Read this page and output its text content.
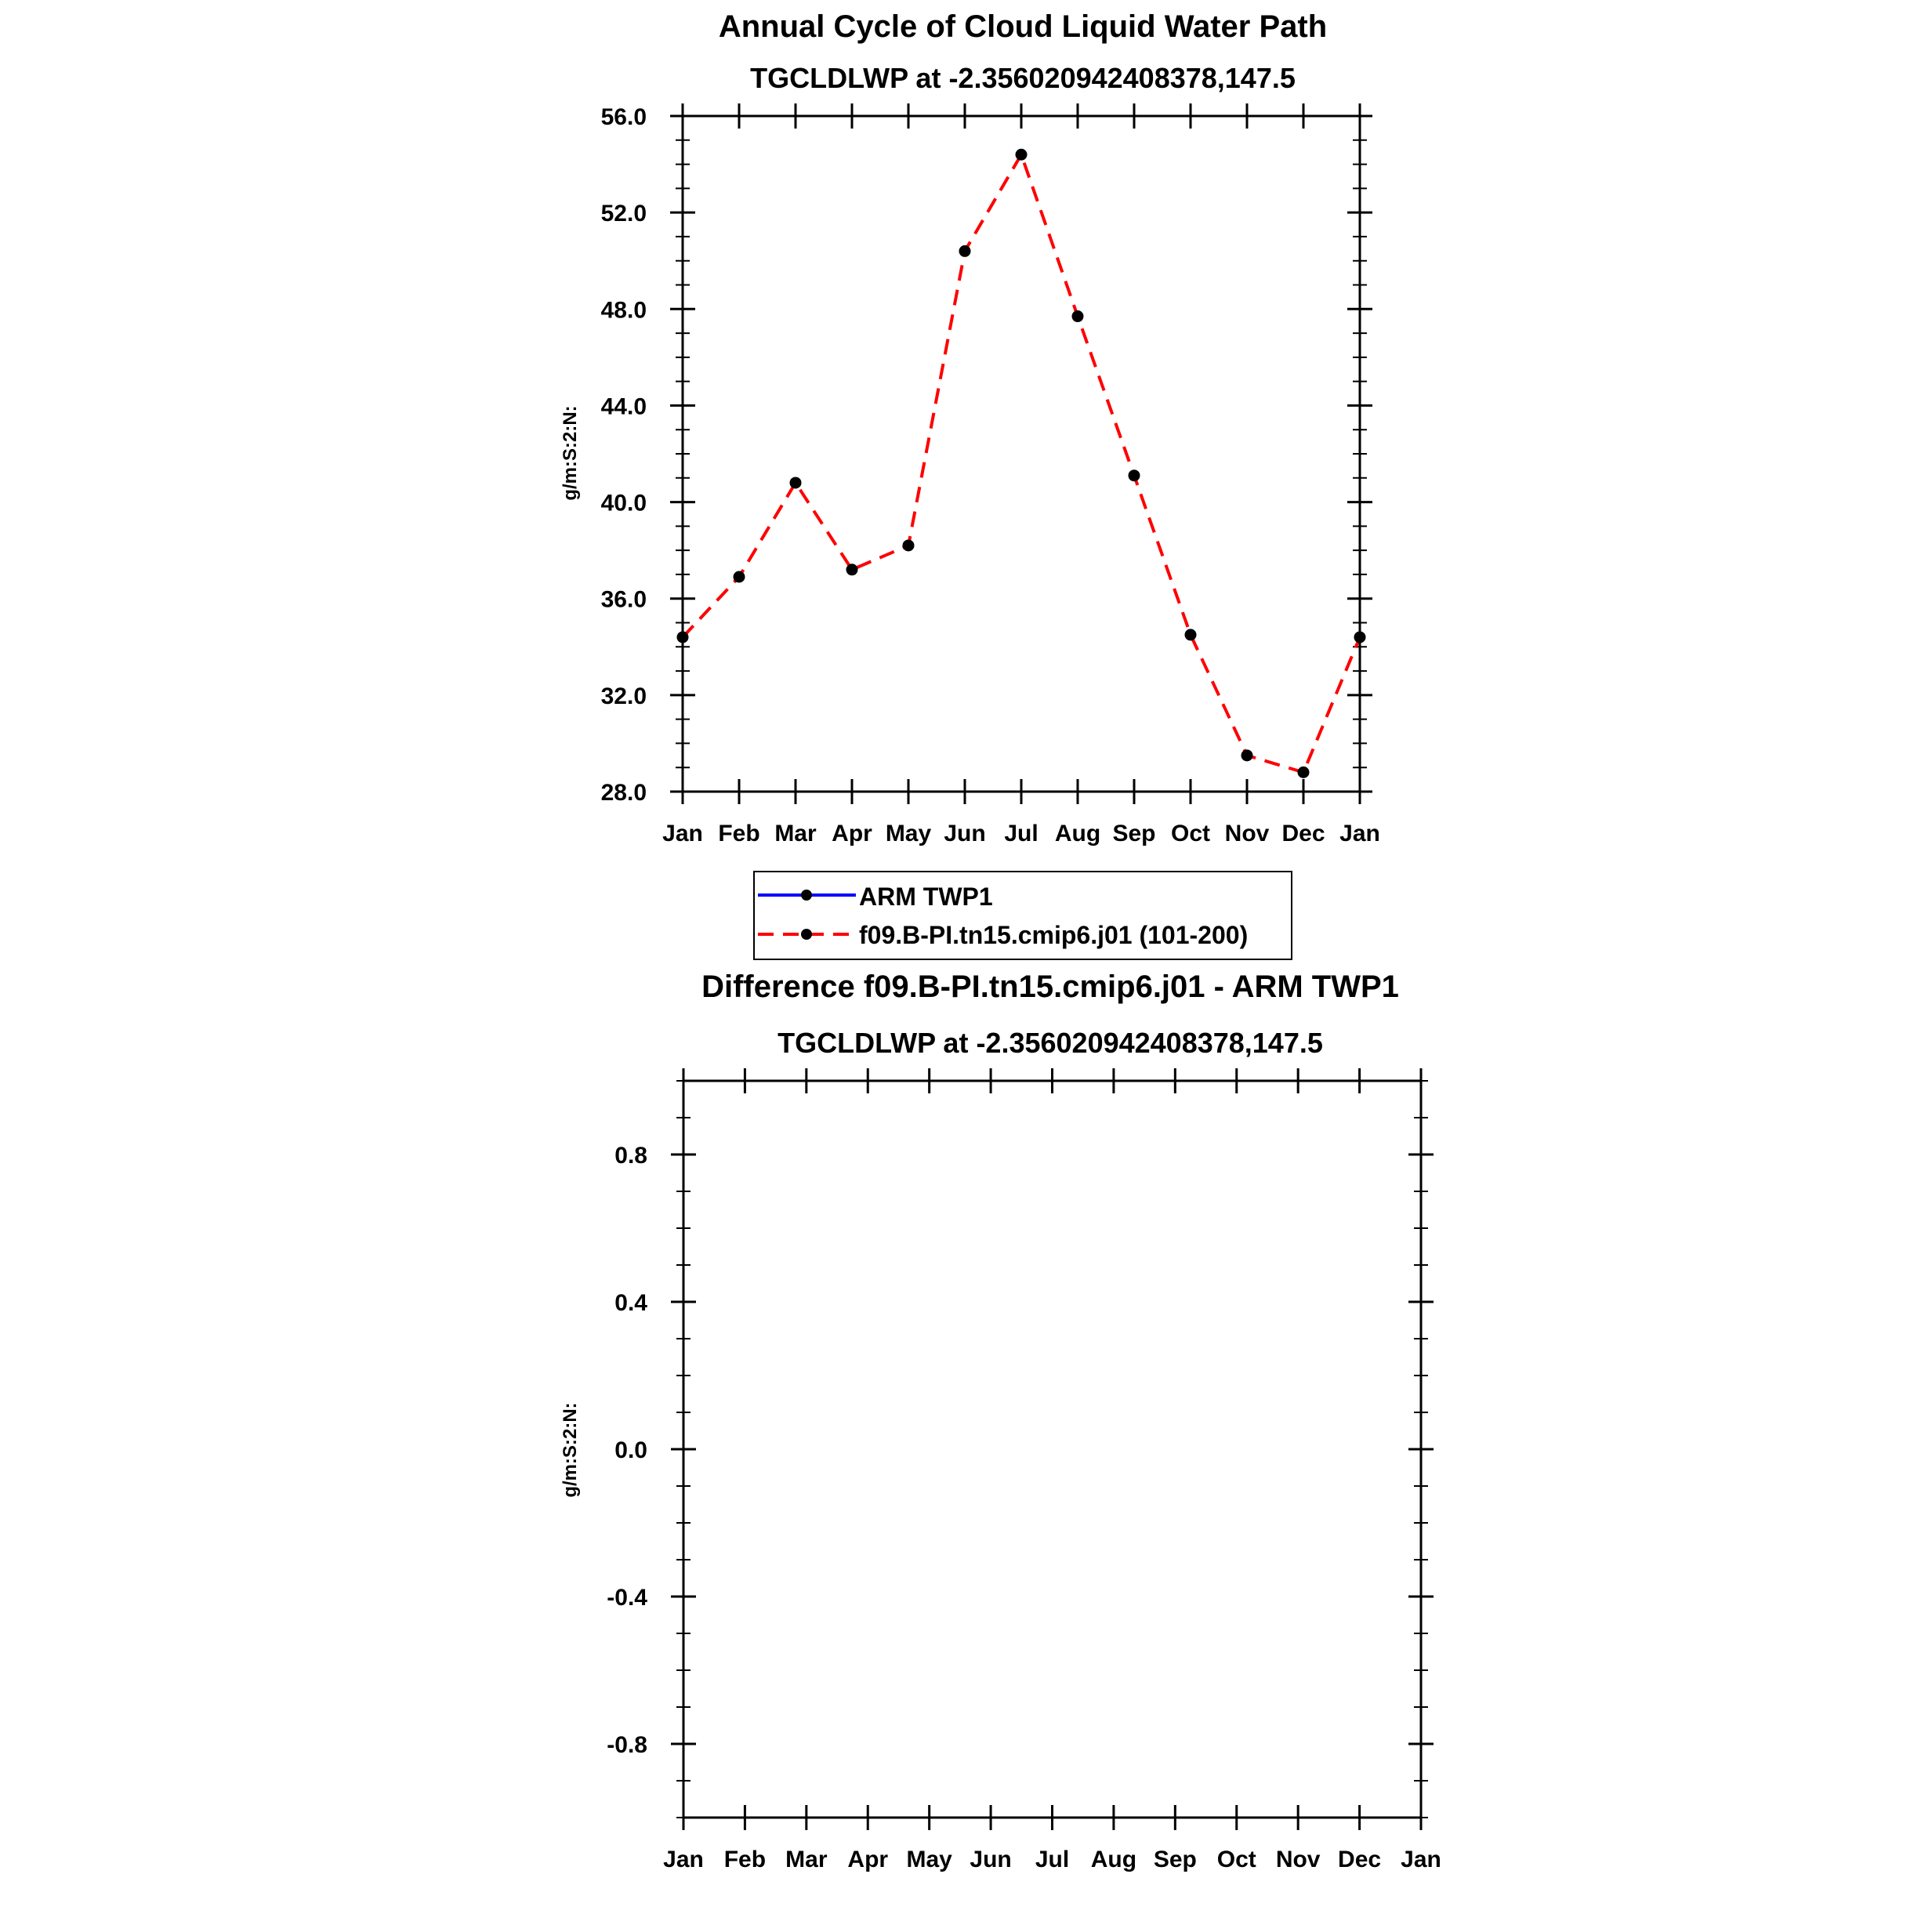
Annual Cycle of Cloud Liquid Water Path
TGCLDLWP at -2.356020942408378,147.5
g/m:S:2:N:
28.0
32.0
36.0
40.0
44.0
48.0
52.0
56.0
Jan Feb Mar Apr May Jun Jul Aug Sep Oct Nov Dec Jan
ARM TWP1
f09.B-PI.tn15.cmip6.j01 (101-200)
Difference f09.B-PI.tn15.cmip6.j01 - ARM TWP1
TGCLDLWP at -2.356020942408378,147.5
g/m:S:2:N:
-0.8
-0.4
0.0
0.4
0.8
Jan Feb Mar Apr May Jun Jul Aug Sep Oct Nov Dec Jan
